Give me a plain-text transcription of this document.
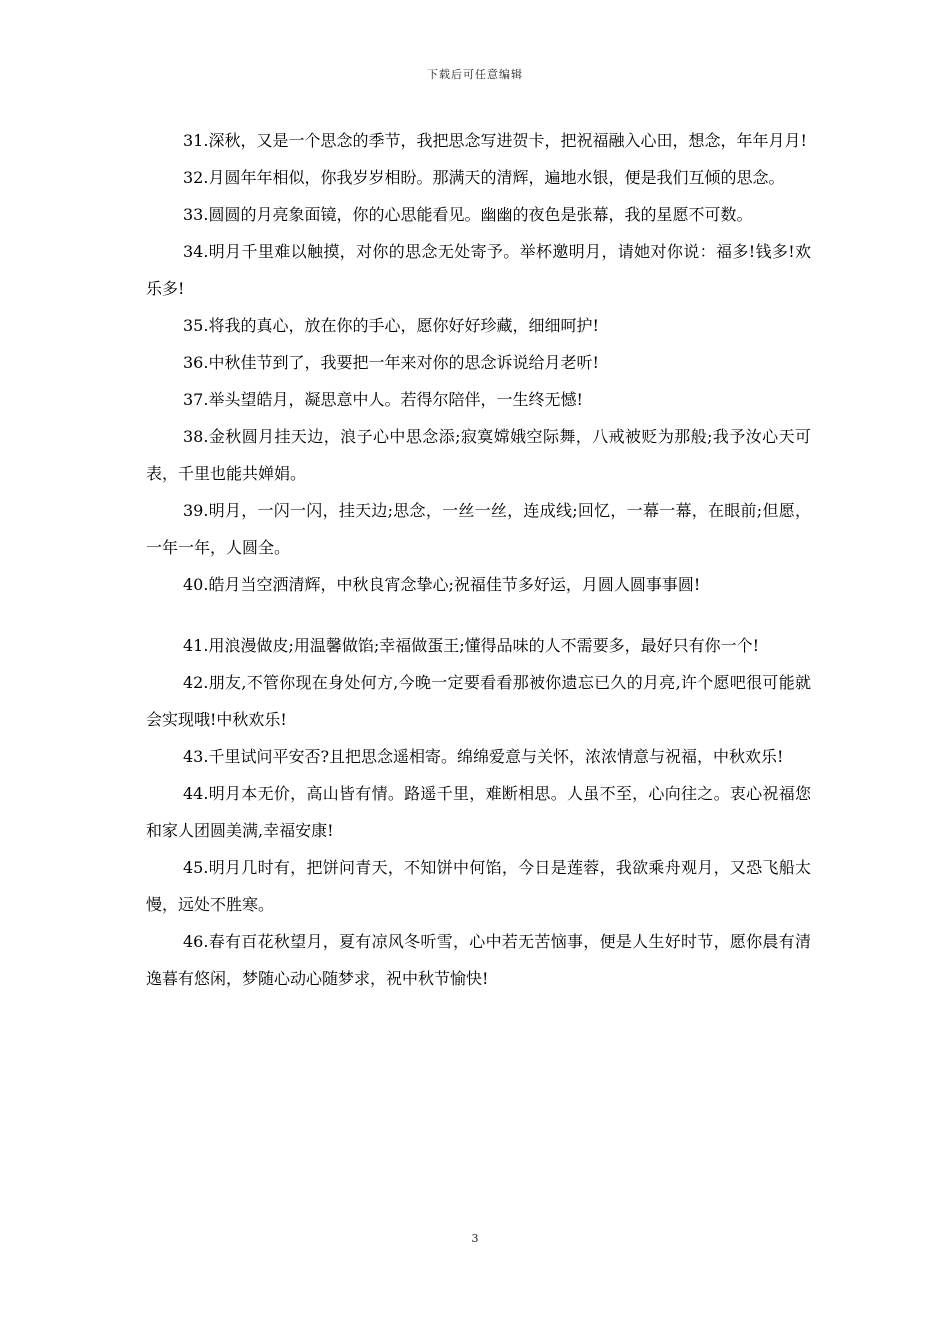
下载后可任意编辑

31.深秋，又是一个思念的季节，我把思念写进贺卡，把祝福融入心田，想念，年年月月!

32.月圆年年相似，你我岁岁相盼。那满天的清辉，遍地水银，便是我们互倾的思念。

33.圆圆的月亮象面镜，你的心思能看见。幽幽的夜色是张幕，我的星愿不可数。

34.明月千里难以触摸，对你的思念无处寄予。举杯邀明月，请她对你说：福多!钱多!欢乐多!

35.将我的真心，放在你的手心，愿你好好珍藏，细细呵护!

36.中秋佳节到了，我要把一年来对你的思念诉说给月老听!

37.举头望皓月，凝思意中人。若得尔陪伴，一生终无憾!

38.金秋圆月挂天边，浪子心中思念添;寂寞嫦娥空际舞，八戒被贬为那般;我予汝心天可表，千里也能共婵娟。

39.明月，一闪一闪，挂天边;思念，一丝一丝，连成线;回忆，一幕一幕，在眼前;但愿，一年一年，人圆全。

40.皓月当空洒清辉，中秋良宵念挚心;祝福佳节多好运，月圆人圆事事圆!

41.用浪漫做皮;用温馨做馅;幸福做蛋王;懂得品味的人不需要多，最好只有你一个!

42.朋友,不管你现在身处何方,今晚一定要看看那被你遗忘已久的月亮,许个愿吧很可能就会实现哦!中秋欢乐!

43.千里试问平安否?且把思念遥相寄。绵绵爱意与关怀，浓浓情意与祝福，中秋欢乐!

44.明月本无价，高山皆有情。路遥千里，难断相思。人虽不至，心向往之。衷心祝福您和家人团圆美满,幸福安康!

45.明月几时有，把饼问青天，不知饼中何馅，今日是莲蓉，我欲乘舟观月，又恐飞船太慢，远处不胜寒。

46.春有百花秋望月，夏有凉风冬听雪，心中若无苦恼事，便是人生好时节，愿你晨有清逸暮有悠闲，梦随心动心随梦求，祝中秋节愉快!

3
